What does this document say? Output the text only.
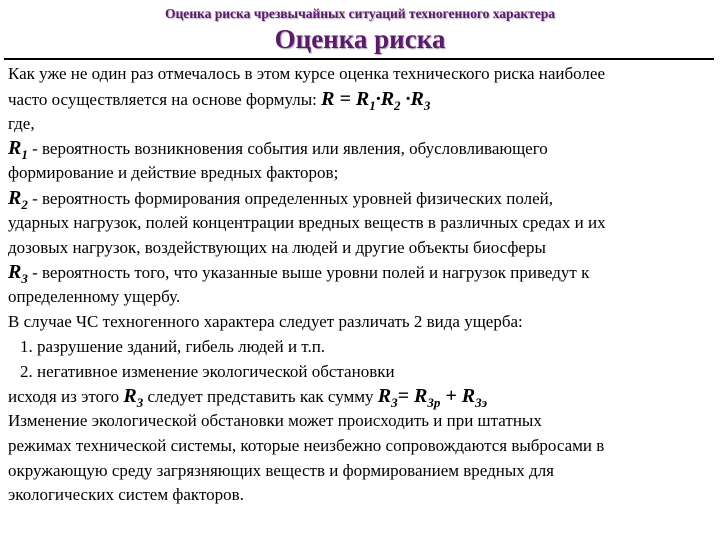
Оценка риска чрезвычайных ситуаций техногенного характера
Оценка риска
Как уже не один раз отмечалось в этом курсе оценка технического риска наиболее
часто осуществляется на основе формулы: $R = R_1\cdot R_2 \cdot R_3$
где,
$R_1$ - вероятность возникновения события или явления, обусловливающего
формирование и действие вредных факторов;
$R_2$ - вероятность формирования определенных уровней физических полей,
ударных нагрузок, полей концентрации вредных веществ в различных средах и их
дозовых нагрузок, воздействующих на людей и другие объекты биосферы
$R_3$ - вероятность того, что указанные выше уровни полей и нагрузок приведут к
определенному ущербу.
В случае ЧС техногенного характера следует различать 2 вида ущерба:
1. разрушение зданий, гибель людей и т.п.
2. негативное изменение экологической обстановки
исходя из этого $R_3$ следует представить как сумму $R_3= R_{3р} + R_{3э}$
Изменение экологической обстановки может происходить и при штатных
режимах технической системы, которые неизбежно сопровождаются выбросами в
окружающую среду загрязняющих веществ и формированием вредных для
экологических систем факторов.
